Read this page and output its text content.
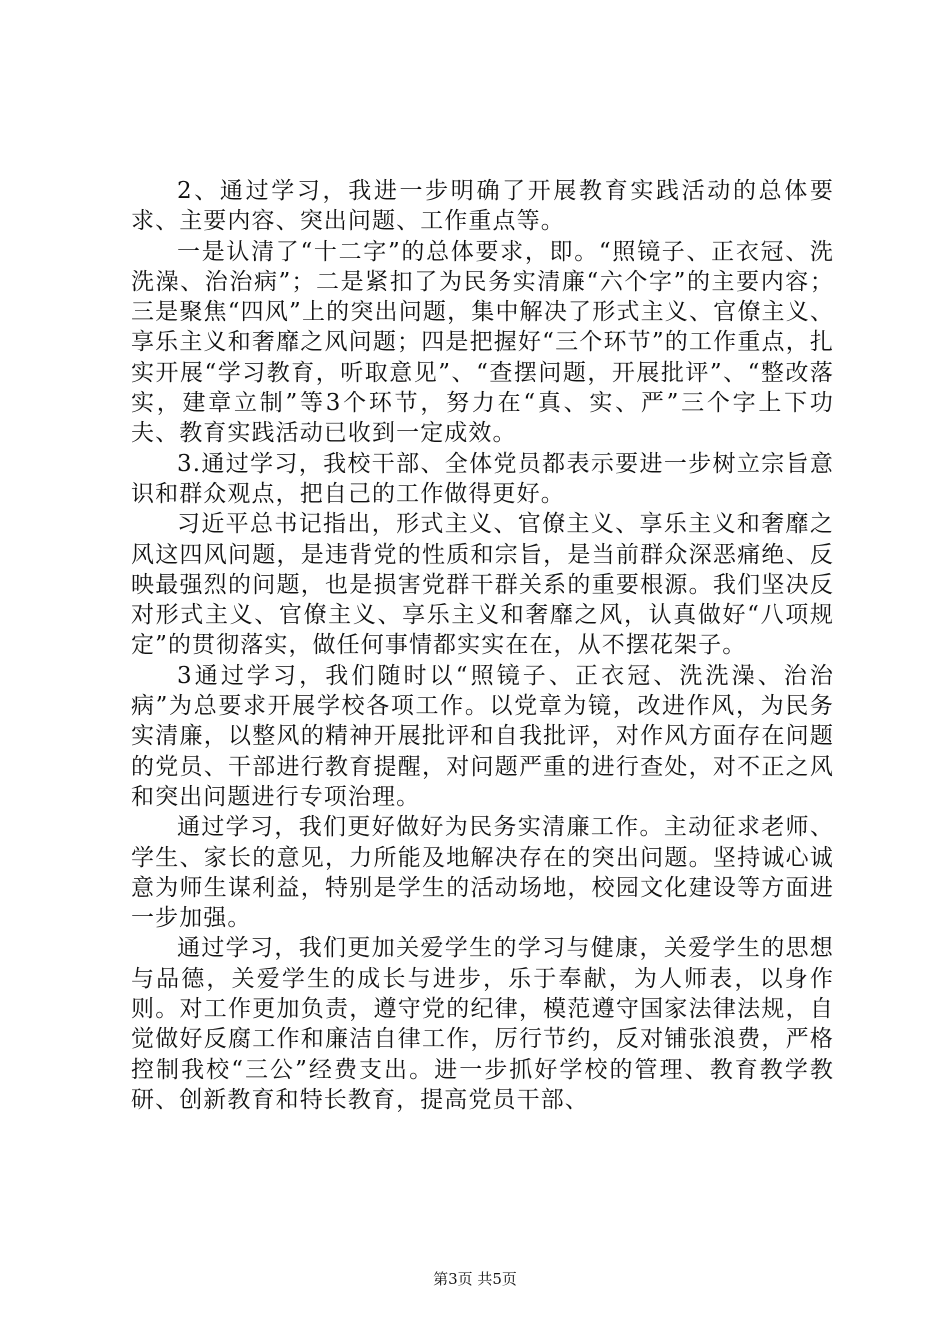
2、通过学习，我进一步明确了开展教育实践活动的总体要求、主要内容、突出问题、工作重点等。

一是认清了“十二字”的总体要求，即。“照镜子、正衣冠、洗洗澡、治治病”；二是紧扣了为民务实清廉“六个字”的主要内容；三是聚焦“四风”上的突出问题，集中解决了形式主义、官僚主义、享乐主义和奢靡之风问题；四是把握好“三个环节”的工作重点，扎实开展“学习教育，听取意见”、“查摆问题，开展批评”、“整改落实，建章立制”等3个环节，努力在“真、实、严”三个字上下功夫、教育实践活动已收到一定成效。

3.通过学习，我校干部、全体党员都表示要进一步树立宗旨意识和群众观点，把自己的工作做得更好。

习近平总书记指出，形式主义、官僚主义、享乐主义和奢靡之风这四风问题，是违背党的性质和宗旨，是当前群众深恶痛绝、反映最强烈的问题，也是损害党群干群关系的重要根源。我们坚决反对形式主义、官僚主义、享乐主义和奢靡之风，认真做好“八项规定”的贯彻落实，做任何事情都实实在在，从不摆花架子。

3通过学习，我们随时以“照镜子、正衣冠、洗洗澡、治治病”为总要求开展学校各项工作。以党章为镜，改进作风，为民务实清廉，以整风的精神开展批评和自我批评，对作风方面存在问题的党员、干部进行教育提醒，对问题严重的进行查处，对不正之风和突出问题进行专项治理。

通过学习，我们更好做好为民务实清廉工作。主动征求老师、学生、家长的意见，力所能及地解决存在的突出问题。坚持诚心诚意为师生谋利益，特别是学生的活动场地，校园文化建设等方面进一步加强。

通过学习，我们更加关爱学生的学习与健康，关爱学生的思想与品德，关爱学生的成长与进步，乐于奉献，为人师表，以身作则。对工作更加负责，遵守党的纪律，模范遵守国家法律法规，自觉做好反腐工作和廉洁自律工作，厉行节约，反对铺张浪费，严格控制我校“三公”经费支出。进一步抓好学校的管理、教育教学教研、创新教育和特长教育，提高党员干部、

第3页 共5页
